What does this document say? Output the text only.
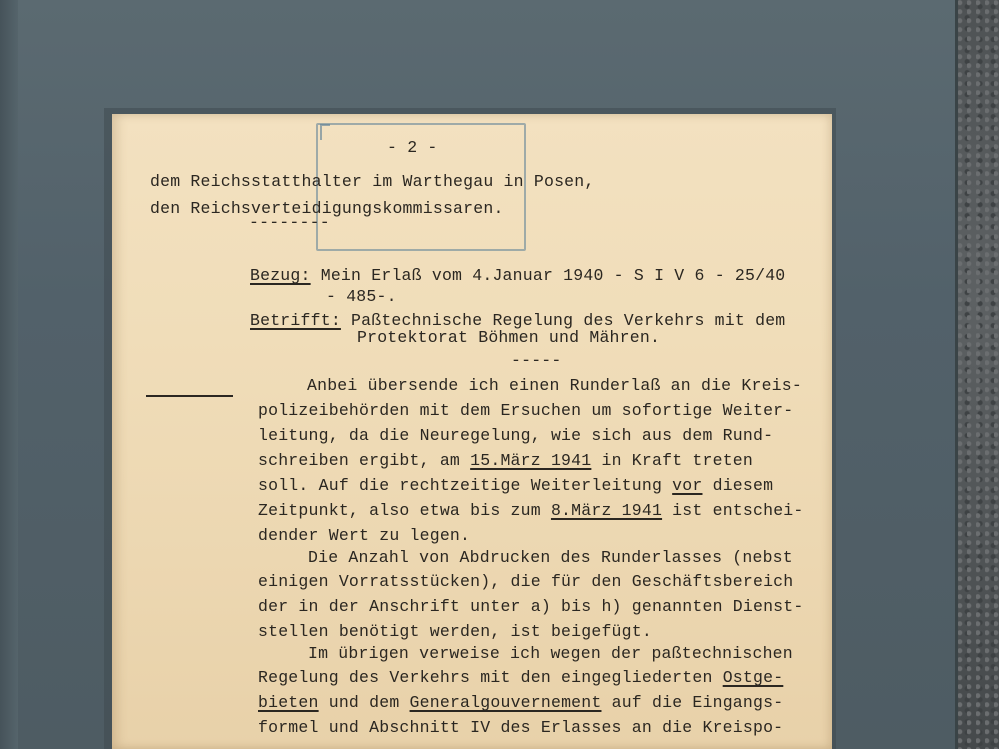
- 2 -
dem Reichsstatthalter im Warthegau in Posen,
den Reichsverteidigungskommissaren.
--------
Bezug: Mein Erlaß vom 4.Januar 1940 - S I V 6 - 25/40
- 485-.
Betrifft: Paßtechnische Regelung des Verkehrs mit dem
Protektorat Böhmen und Mähren.
-----
Anbei übersende ich einen Runderlaß an die Kreis-
polizeibehörden mit dem Ersuchen um sofortige Weiter-
leitung, da die Neuregelung, wie sich aus dem Rund-
schreiben ergibt, am 15.März 1941 in Kraft treten
soll. Auf die rechtzeitige Weiterleitung vor diesem
Zeitpunkt, also etwa bis zum 8.März 1941 ist entschei-
dender Wert zu legen.
Die Anzahl von Abdrucken des Runderlasses (nebst
einigen Vorratsstücken), die für den Geschäftsbereich
der in der Anschrift unter a) bis h) genannten Dienst-
stellen benötigt werden, ist beigefügt.
Im übrigen verweise ich wegen der paßtechnischen
Regelung des Verkehrs mit den eingegliederten Ostge-
bieten und dem Generalgouvernement auf die Eingangs-
formel und Abschnitt IV des Erlasses an die Kreispo-
